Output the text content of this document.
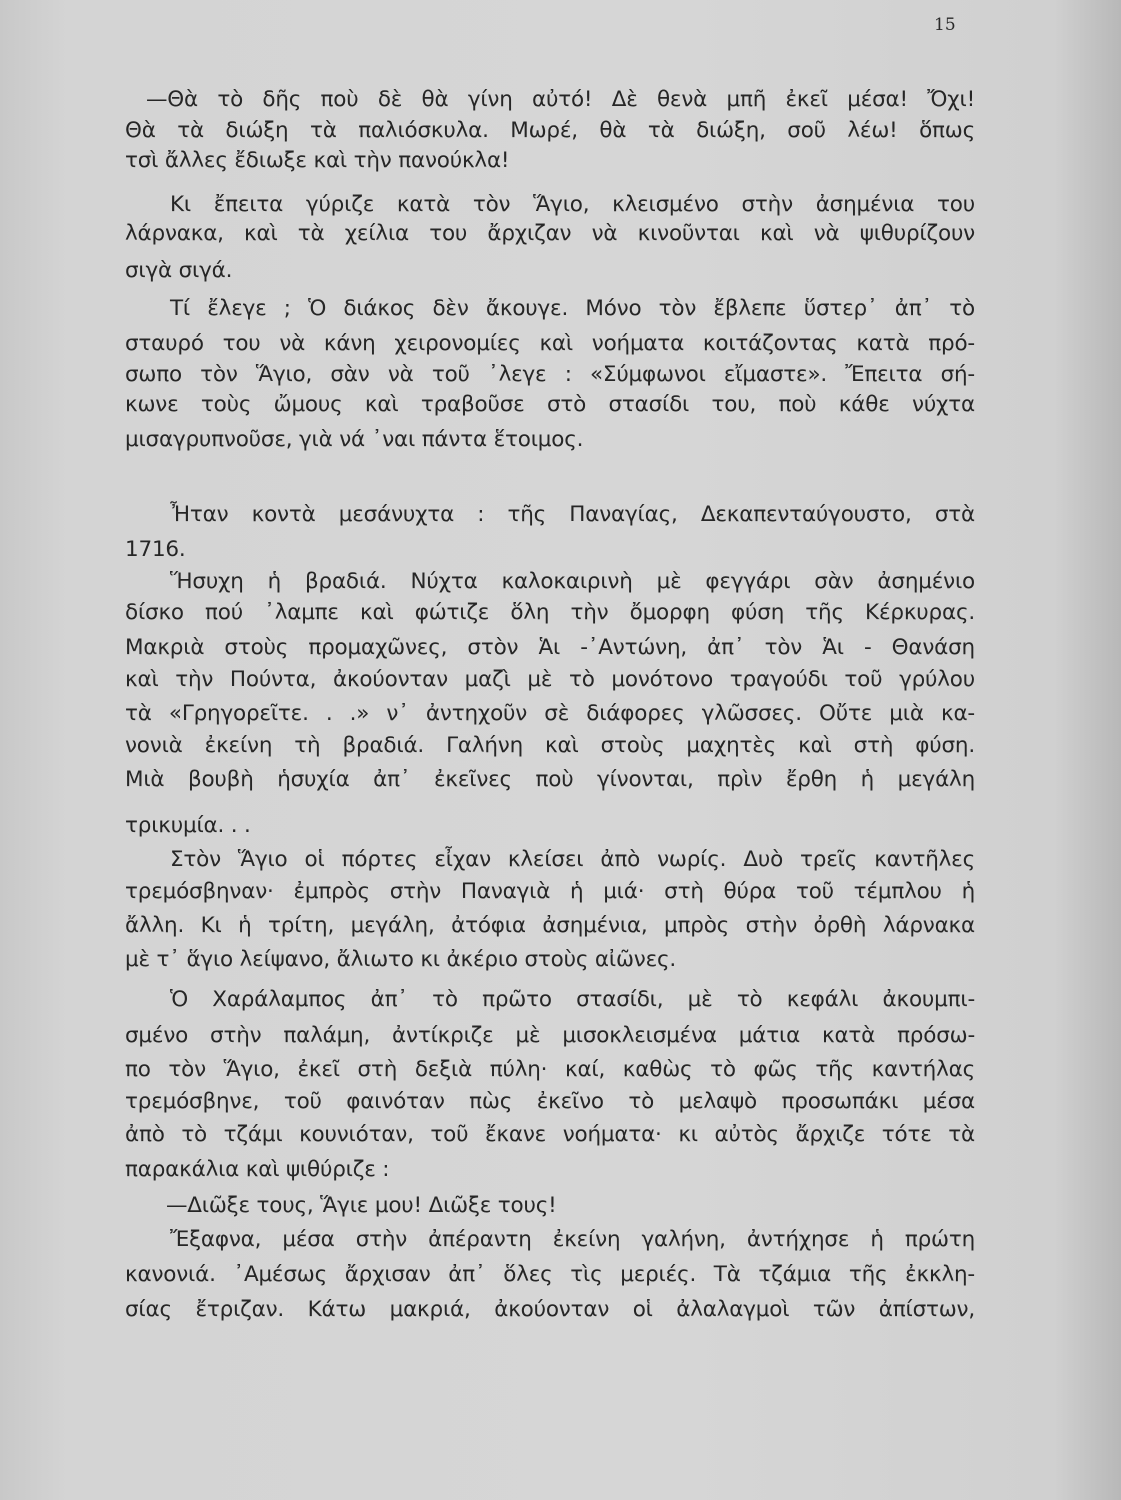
15
—Θὰ τὸ δῆς ποὺ δὲ θὰ γίνη αὐτό! Δὲ θενὰ μπῆ ἐκεῖ μέσα! Ὄχι!
Θὰ τὰ διώξη τὰ παλιόσκυλα. Μωρέ, θὰ τὰ διώξη, σοῦ λέω! ὅπως
τσὶ ἄλλες ἔδιωξε καὶ τὴν πανούκλα!
Κι ἔπειτα γύριζε κατὰ τὸν Ἅγιο, κλεισμένο στὴν ἀσημένια του
λάρνακα, καὶ τὰ χείλια του ἄρχιζαν νὰ κινοῦνται καὶ νὰ ψιθυρίζουν
σιγὰ σιγά.
Τί ἔλεγε ; Ὁ διάκος δὲν ἄκουγε. Μόνο τὸν ἔβλεπε ὕστερ᾽ ἀπ᾽ τὸ
σταυρό του νὰ κάνη χειρονομίες καὶ νοήματα κοιτάζοντας κατὰ πρό-
σωπο τὸν Ἅγιο, σὰν νὰ τοῦ ᾽λεγε : «Σύμφωνοι εἴμαστε». Ἔπειτα σή-
κωνε τοὺς ὤμους καὶ τραβοῦσε στὸ στασίδι του, ποὺ κάθε νύχτα
μισαγρυπνοῦσε, γιὰ νά ᾽ναι πάντα ἕτοιμος.
Ἦταν κοντὰ μεσάνυχτα : τῆς Παναγίας, Δεκαπενταύγουστο, στὰ
1716.
Ἥσυχη ἡ βραδιά. Νύχτα καλοκαιρινὴ μὲ φεγγάρι σὰν ἀσημένιο
δίσκο πού ᾽λαμπε καὶ φώτιζε ὅλη τὴν ὄμορφη φύση τῆς Κέρκυρας.
Μακριὰ στοὺς προμαχῶνες, στὸν Ἁι -᾽Αντώνη, ἀπ᾽ τὸν Ἁι - Θανάση
καὶ τὴν Πούντα, ἀκούονταν μαζὶ μὲ τὸ μονότονο τραγούδι τοῦ γρύλου
τὰ «Γρηγορεῖτε. . .» ν᾽ ἀντηχοῦν σὲ διάφορες γλῶσσες. Οὔτε μιὰ κα-
νονιὰ ἐκείνη τὴ βραδιά. Γαλήνη καὶ στοὺς μαχητὲς καὶ στὴ φύση.
Μιὰ βουβὴ ἡσυχία ἀπ᾽ ἐκεῖνες ποὺ γίνονται, πρὶν ἔρθη ἡ μεγάλη
τρικυμία. . .
Στὸν Ἅγιο οἱ πόρτες εἶχαν κλείσει ἀπὸ νωρίς. Δυὸ τρεῖς καντῆλες
τρεμόσβηναν· ἐμπρὸς στὴν Παναγιὰ ἡ μιά· στὴ θύρα τοῦ τέμπλου ἡ
ἄλλη. Κι ἡ τρίτη, μεγάλη, ἀτόφια ἀσημένια, μπρὸς στὴν ὀρθὴ λάρνακα
μὲ τ᾽ ἅγιο λείψανο, ἄλιωτο κι ἀκέριο στοὺς αἰῶνες.
Ὁ Χαράλαμπος ἀπ᾽ τὸ πρῶτο στασίδι, μὲ τὸ κεφάλι ἀκουμπι-
σμένο στὴν παλάμη, ἀντίκριζε μὲ μισοκλεισμένα μάτια κατὰ πρόσω-
πο τὸν Ἅγιο, ἐκεῖ στὴ δεξιὰ πύλη· καί, καθὼς τὸ φῶς τῆς καντήλας
τρεμόσβηνε, τοῦ φαινόταν πὼς ἐκεῖνο τὸ μελαψὸ προσωπάκι μέσα
ἀπὸ τὸ τζάμι κουνιόταν, τοῦ ἔκανε νοήματα· κι αὐτὸς ἄρχιζε τότε τὰ
παρακάλια καὶ ψιθύριζε :
—Διῶξε τους, Ἅγιε μου! Διῶξε τους!
Ἔξαφνα, μέσα στὴν ἀπέραντη ἐκείνη γαλήνη, ἀντήχησε ἡ πρώτη
κανονιά. ᾽Αμέσως ἄρχισαν ἀπ᾽ ὅλες τὶς μεριές. Τὰ τζάμια τῆς ἐκκλη-
σίας ἔτριζαν. Κάτω μακριά, ἀκούονταν οἱ ἀλαλαγμοὶ τῶν ἀπίστων,
